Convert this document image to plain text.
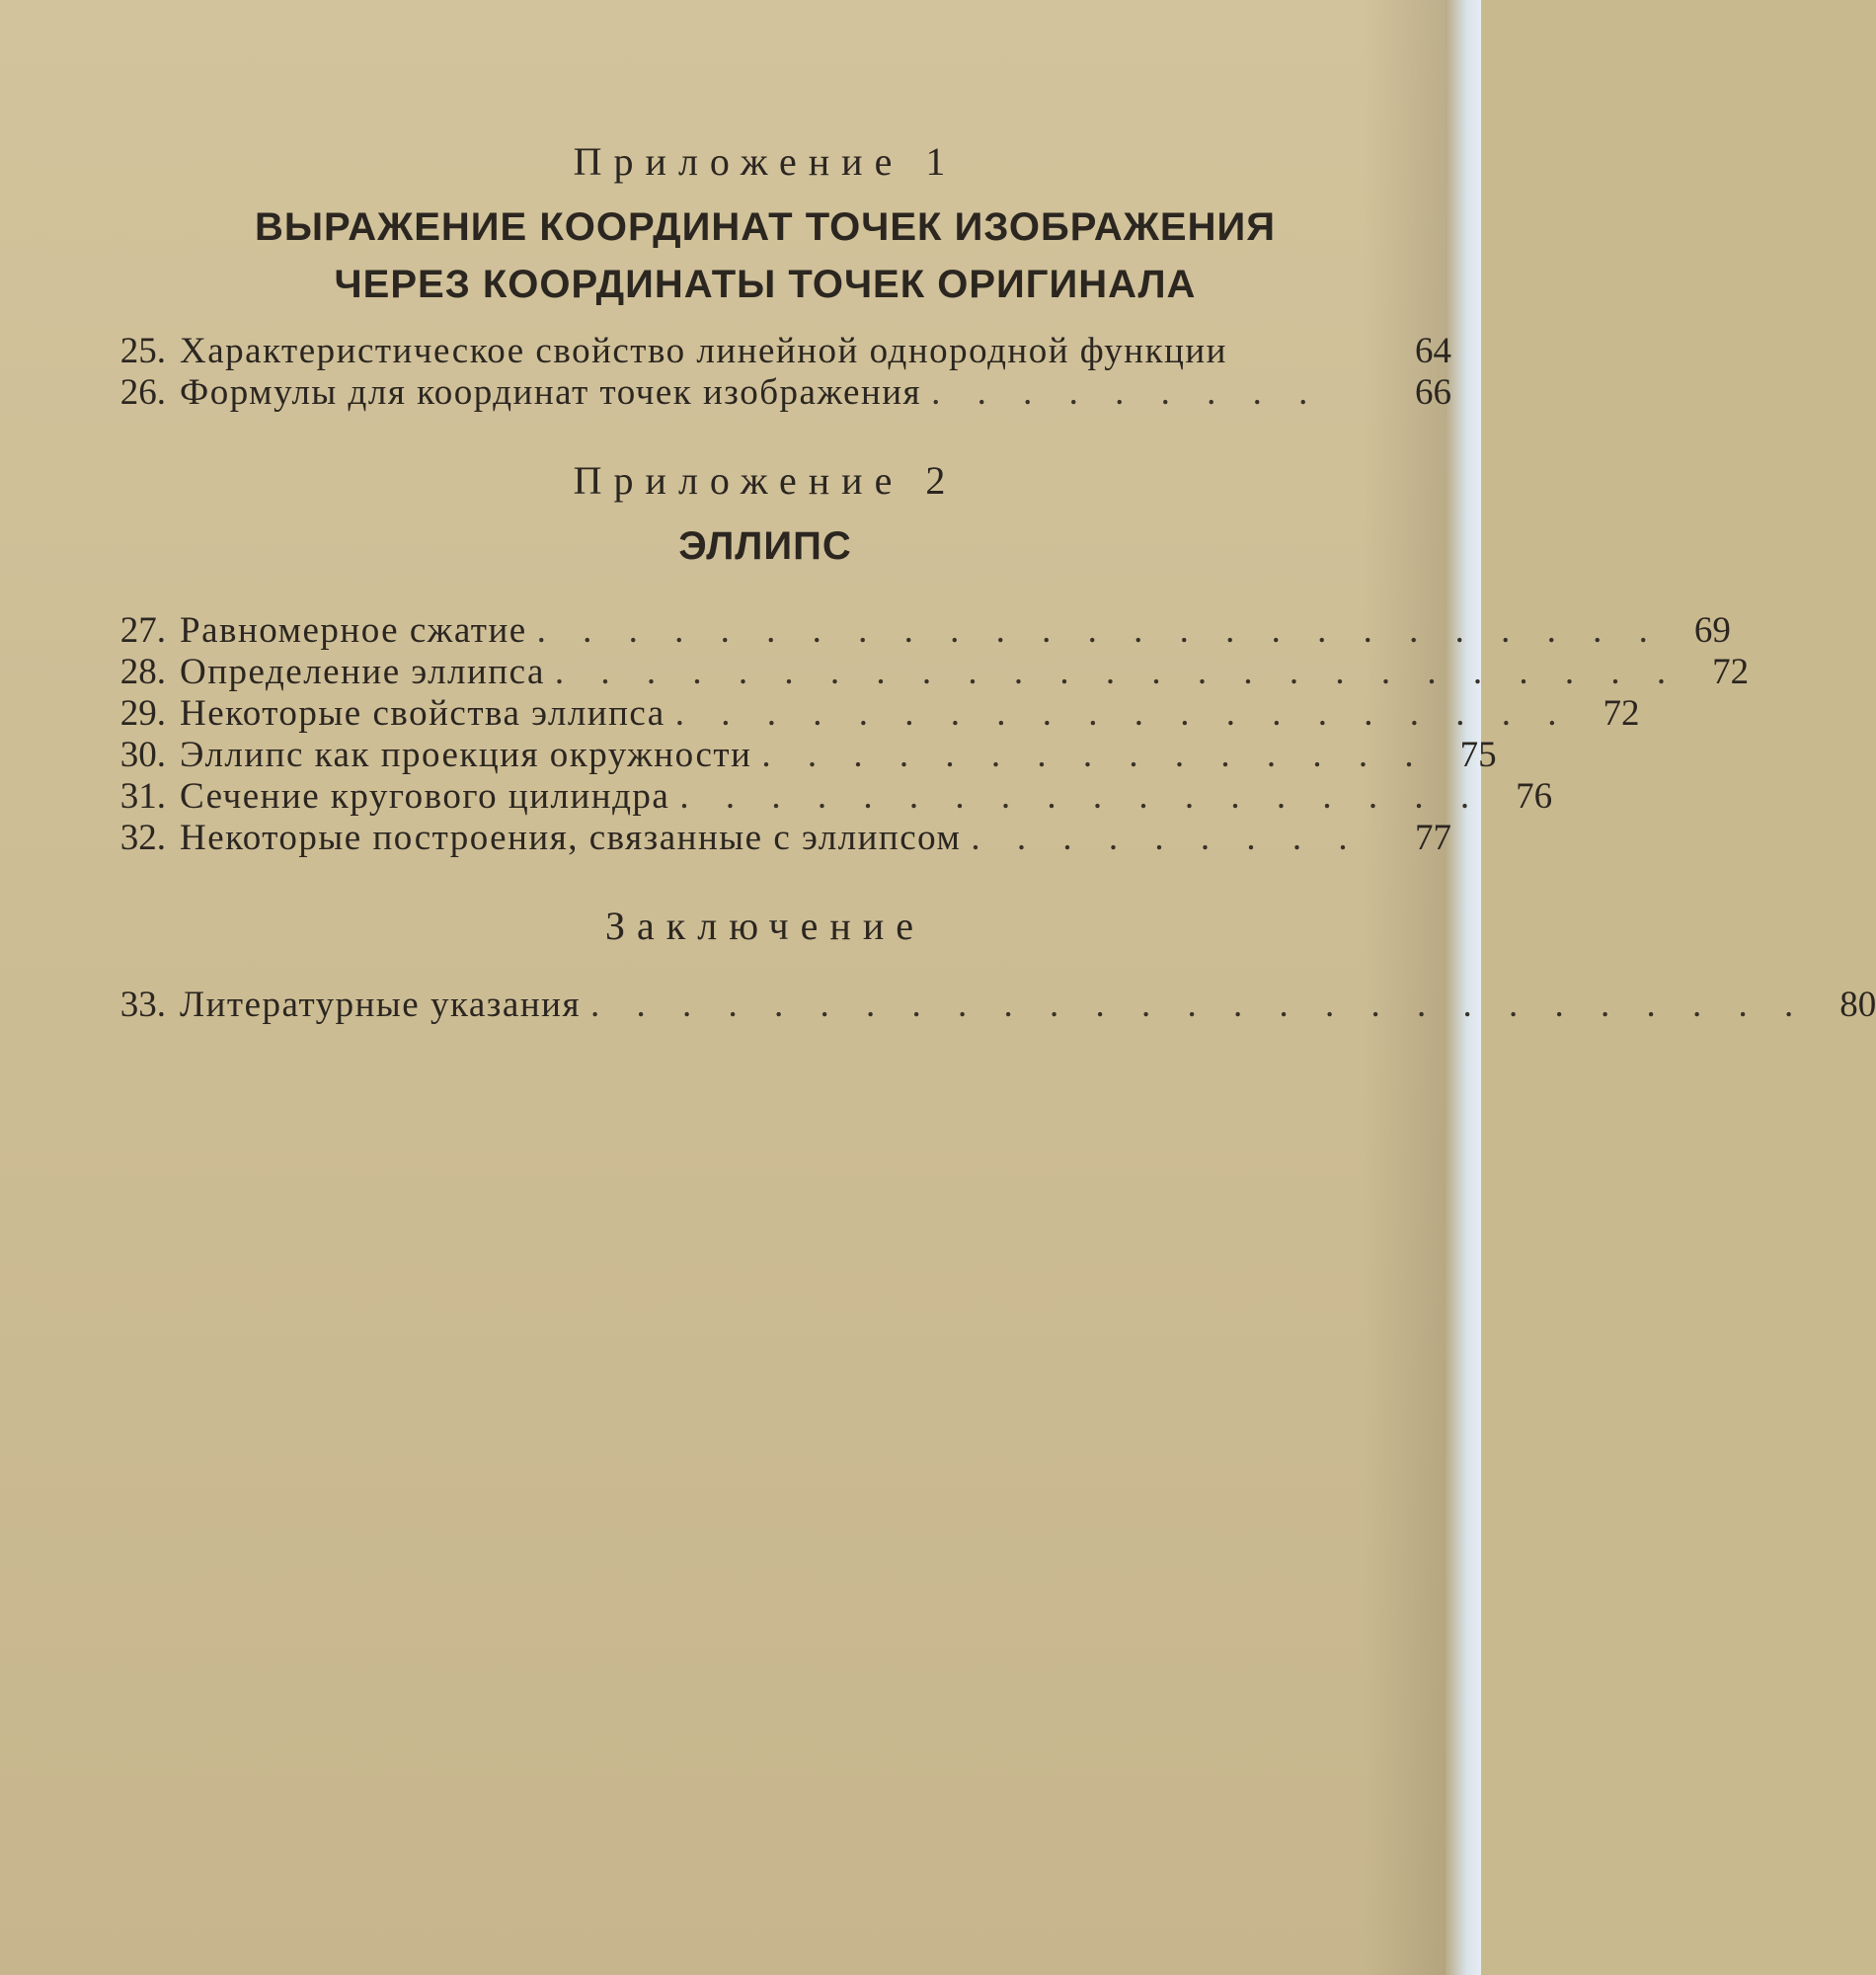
Приложение 1

ВЫРАЖЕНИЕ КООРДИНАТ ТОЧЕК ИЗОБРАЖЕНИЯ
ЧЕРЕЗ КООРДИНАТЫ ТОЧЕК ОРИГИНАЛА
25. Характеристическое свойство линейной однородной функции	64
26. Формулы для координат точек изображения . . . . . . . . .	66

Приложение 2

ЭЛЛИПС
27. Равномерное сжатие . . . . . . . . . . . . . . . . . . . . . . . . . 69
28. Определение эллипса . . . . . . . . . . . . . . . . . . . . . . . . . 72
29. Некоторые свойства эллипса . . . . . . . . . . . . . . . . . . . . 72
30. Эллипс как проекция окружности . . . . . . . . . . . . . . . 75
31. Сечение кругового цилиндра . . . . . . . . . . . . . . . . . . 76
32. Некоторые построения, связанные с эллипсом . . . . . . . . .	77

Заключение

33. Литературные указания . . . . . . . . . . . . . . . . . . . . . . . . . . . 80
